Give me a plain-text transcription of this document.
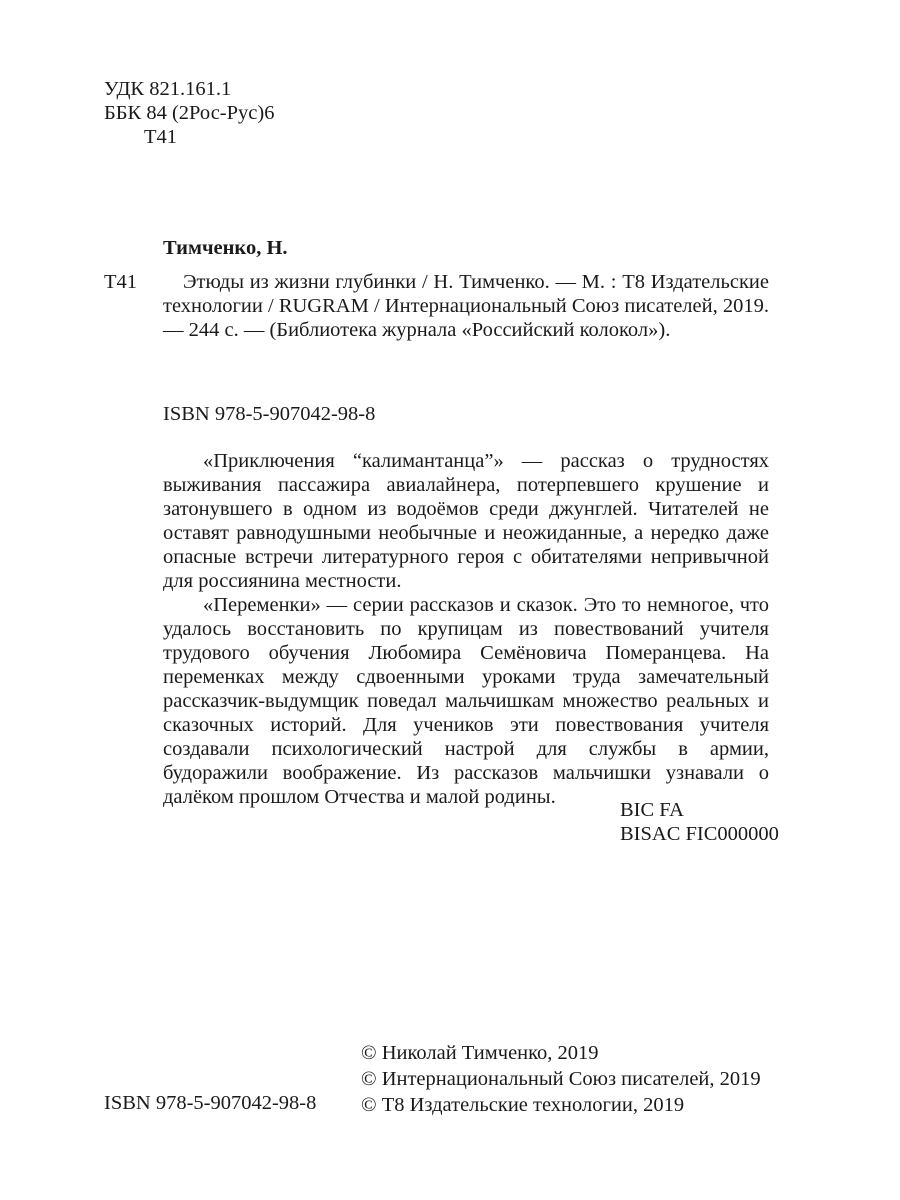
УДК 821.161.1
ББК 84 (2Рос-Рус)6
Т41
Тимченко, Н.
Т41	Этюды из жизни глубинки / Н. Тимченко. — М. : Т8 Издательские технологии / RUGRAM / Интернациональный Союз писателей, 2019. — 244 с. — (Библиотека журнала «Российский колокол»).
ISBN 978-5-907042-98-8

«Приключения “калимантанца”» — рассказ о трудностях выживания пассажира авиалайнера, потерпевшего крушение и затонувшего в одном из водоёмов среди джунглей. Читателей не оставят равнодушными необычные и неожиданные, а нередко даже опасные встречи литературного героя с обитателями непривычной для россиянина местности.

«Переменки» — серии рассказов и сказок. Это то немногое, что удалось восстановить по крупицам из повествований учителя трудового обучения Любомира Семёновича Померанцева. На переменках между сдвоенными уроками труда замечательный рассказчик-выдумщик поведал мальчишкам множество реальных и сказочных историй. Для учеников эти повествования учителя создавали психологический настрой для службы в армии, будоражили воображение. Из рассказов мальчишки узнавали о далёком прошлом Отчества и малой родины.

BIC FA
BISAC FIC000000
ISBN 978-5-907042-98-8
© Николай Тимченко, 2019
© Интернациональный Союз писателей, 2019
© Т8 Издательские технологии, 2019
